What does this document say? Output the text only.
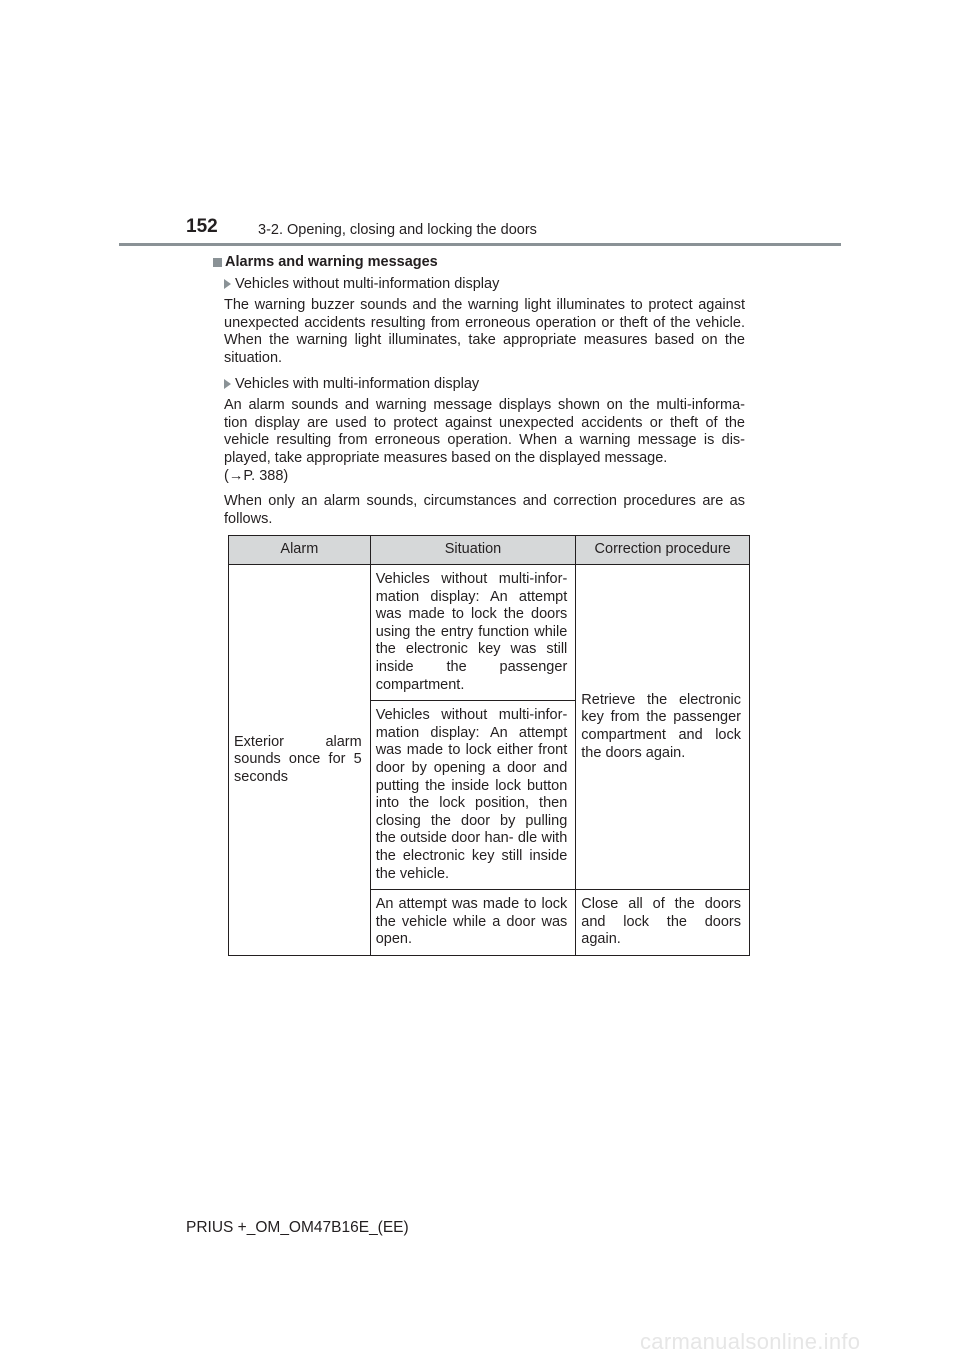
152	3-2. Opening, closing and locking the doors
Alarms and warning messages
Vehicles without multi-information display
The warning buzzer sounds and the warning light illuminates to protect against unexpected accidents resulting from erroneous operation or theft of the vehicle. When the warning light illuminates, take appropriate measures based on the situation.
Vehicles with multi-information display
An alarm sounds and warning message displays shown on the multi-informa- tion display are used to protect against unexpected accidents or theft of the vehicle resulting from erroneous operation. When a warning message is dis- played, take appropriate measures based on the displayed message.
(→P. 388)
When only an alarm sounds, circumstances and correction procedures are as follows.
Alarm	Situation	Correction procedure
Exterior alarm sounds once for 5 seconds	Vehicles without multi-infor- mation display: An attempt was made to lock the doors using the entry function while the electronic key was still inside the passenger compartment.	Retrieve the electronic key from the passenger compartment and lock the doors again.
	Vehicles without multi-infor- mation display: An attempt was made to lock either front door by opening a door and putting the inside lock button into the lock position, then closing the door by pulling the outside door han- dle with the electronic key still inside the vehicle.	
	An attempt was made to lock the vehicle while a door was open.	Close all of the doors and lock the doors again.
PRIUS +_OM_OM47B16E_(EE)
carmanualsonline.info
